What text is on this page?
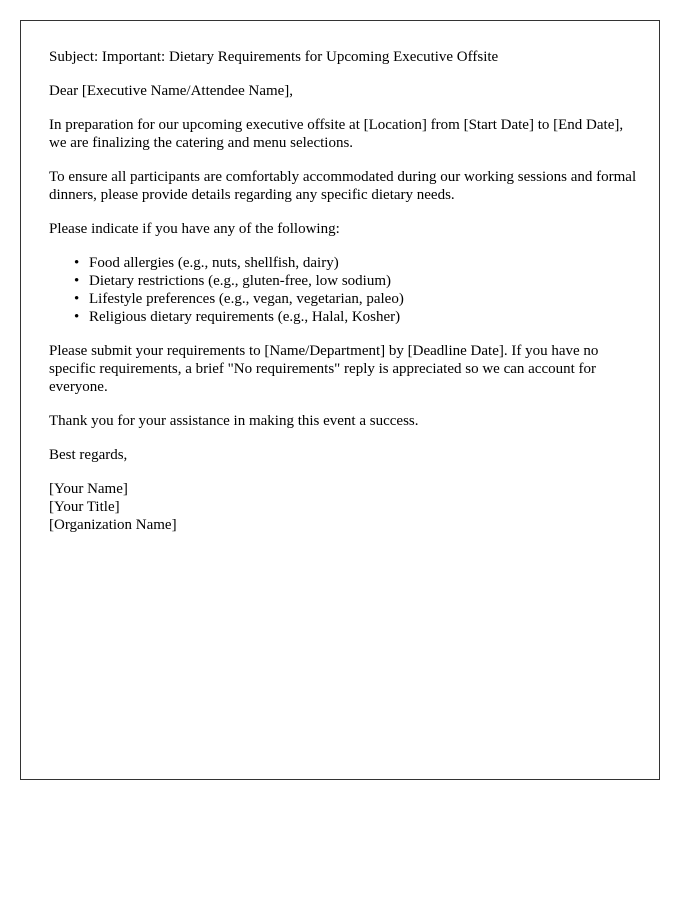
Subject: Important: Dietary Requirements for Upcoming Executive Offsite

Dear [Executive Name/Attendee Name],

In preparation for our upcoming executive offsite at [Location] from [Start Date] to [End Date], we are finalizing the catering and menu selections.

To ensure all participants are comfortably accommodated during our working sessions and formal dinners, please provide details regarding any specific dietary needs.

Please indicate if you have any of the following:

• Food allergies (e.g., nuts, shellfish, dairy)
• Dietary restrictions (e.g., gluten-free, low sodium)
• Lifestyle preferences (e.g., vegan, vegetarian, paleo)
• Religious dietary requirements (e.g., Halal, Kosher)

Please submit your requirements to [Name/Department] by [Deadline Date]. If you have no specific requirements, a brief "No requirements" reply is appreciated so we can account for everyone.

Thank you for your assistance in making this event a success.

Best regards,

[Your Name]
[Your Title]
[Organization Name]
